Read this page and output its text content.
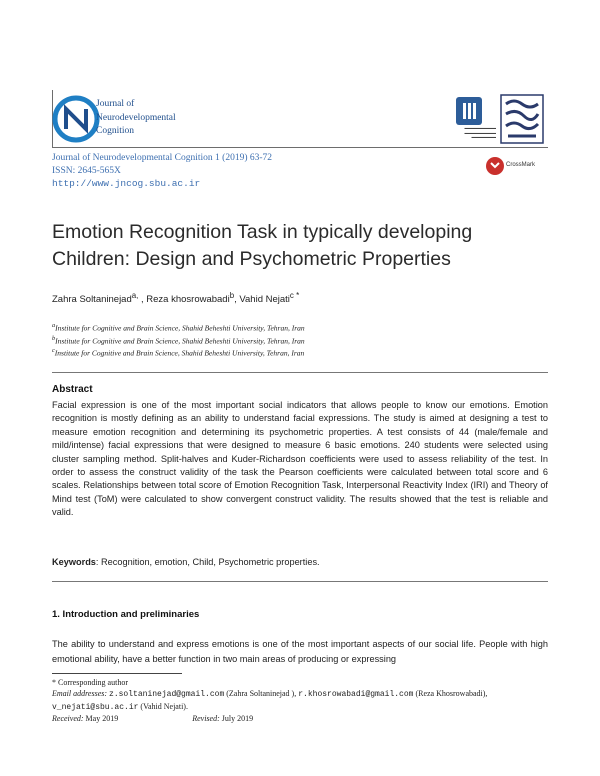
Journal of
Neurodevelopmental
Cognition	▬▬▬▬▬▬▬▬▬
▬▬▬▬▬▬▬▬▬
▬▬▬▬▬▬▬
CrossMark
Journal of Neurodevelopmental Cognition 1 (2019) 63-72
ISSN: 2645-565X
http://www.jncog.sbu.ac.ir
Emotion Recognition Task in typically developing Children: Design and Psychometric Properties
Zahra Soltaninejad$^{a,}$ , Reza khosrowabadi$^b$, Vahid Nejati$^{c *}$
$^a$Institute for Cognitive and Brain Science, Shahid Beheshti University, Tehran, Iran
$^b$Institute for Cognitive and Brain Science, Shahid Beheshti University, Tehran, Iran
$^c$Institute for Cognitive and Brain Science, Shahid Beheshti University, Tehran, Iran
Abstract
Facial expression is one of the most important social indicators that allows people to know our emotions. Emotion recognition is mostly defining as an ability to understand facial expressions. The study is aimed at designing a test to measure emotion recognition and determining its psychometric properties. A test consists of 44 (male/female and mild/intense) facial expressions that were designed to measure 6 basic emotions. 240 students were selected using cluster sampling method. Split-halves and Kuder-Richardson coefficients were used to assess reliability of the test. In order to assess the construct validity of the task the Pearson coefficients were calculated between total score and 6 scales. Relationships between total score of Emotion Recognition Task, Interpersonal Reactivity Index (IRI) and Theory of Mind test (ToM) were calculated to show convergent construct validity. The results showed that the test is reliable and valid.
Keywords: Recognition, emotion, Child, Psychometric properties.
1. Introduction and preliminaries
The ability to understand and express emotions is one of the most important aspects of our social life. People with high emotional ability, have a better function in two main areas of producing or expressing
* Corresponding author
Email addresses: z.soltaninejad@gmail.com (Zahra Soltaninejad ), r.khosrowabadi@gmail.com (Reza Khosrowabadi), v_nejati@sbu.ac.ir (Vahid Nejati).
Received: May 2019	Revised: July 2019
